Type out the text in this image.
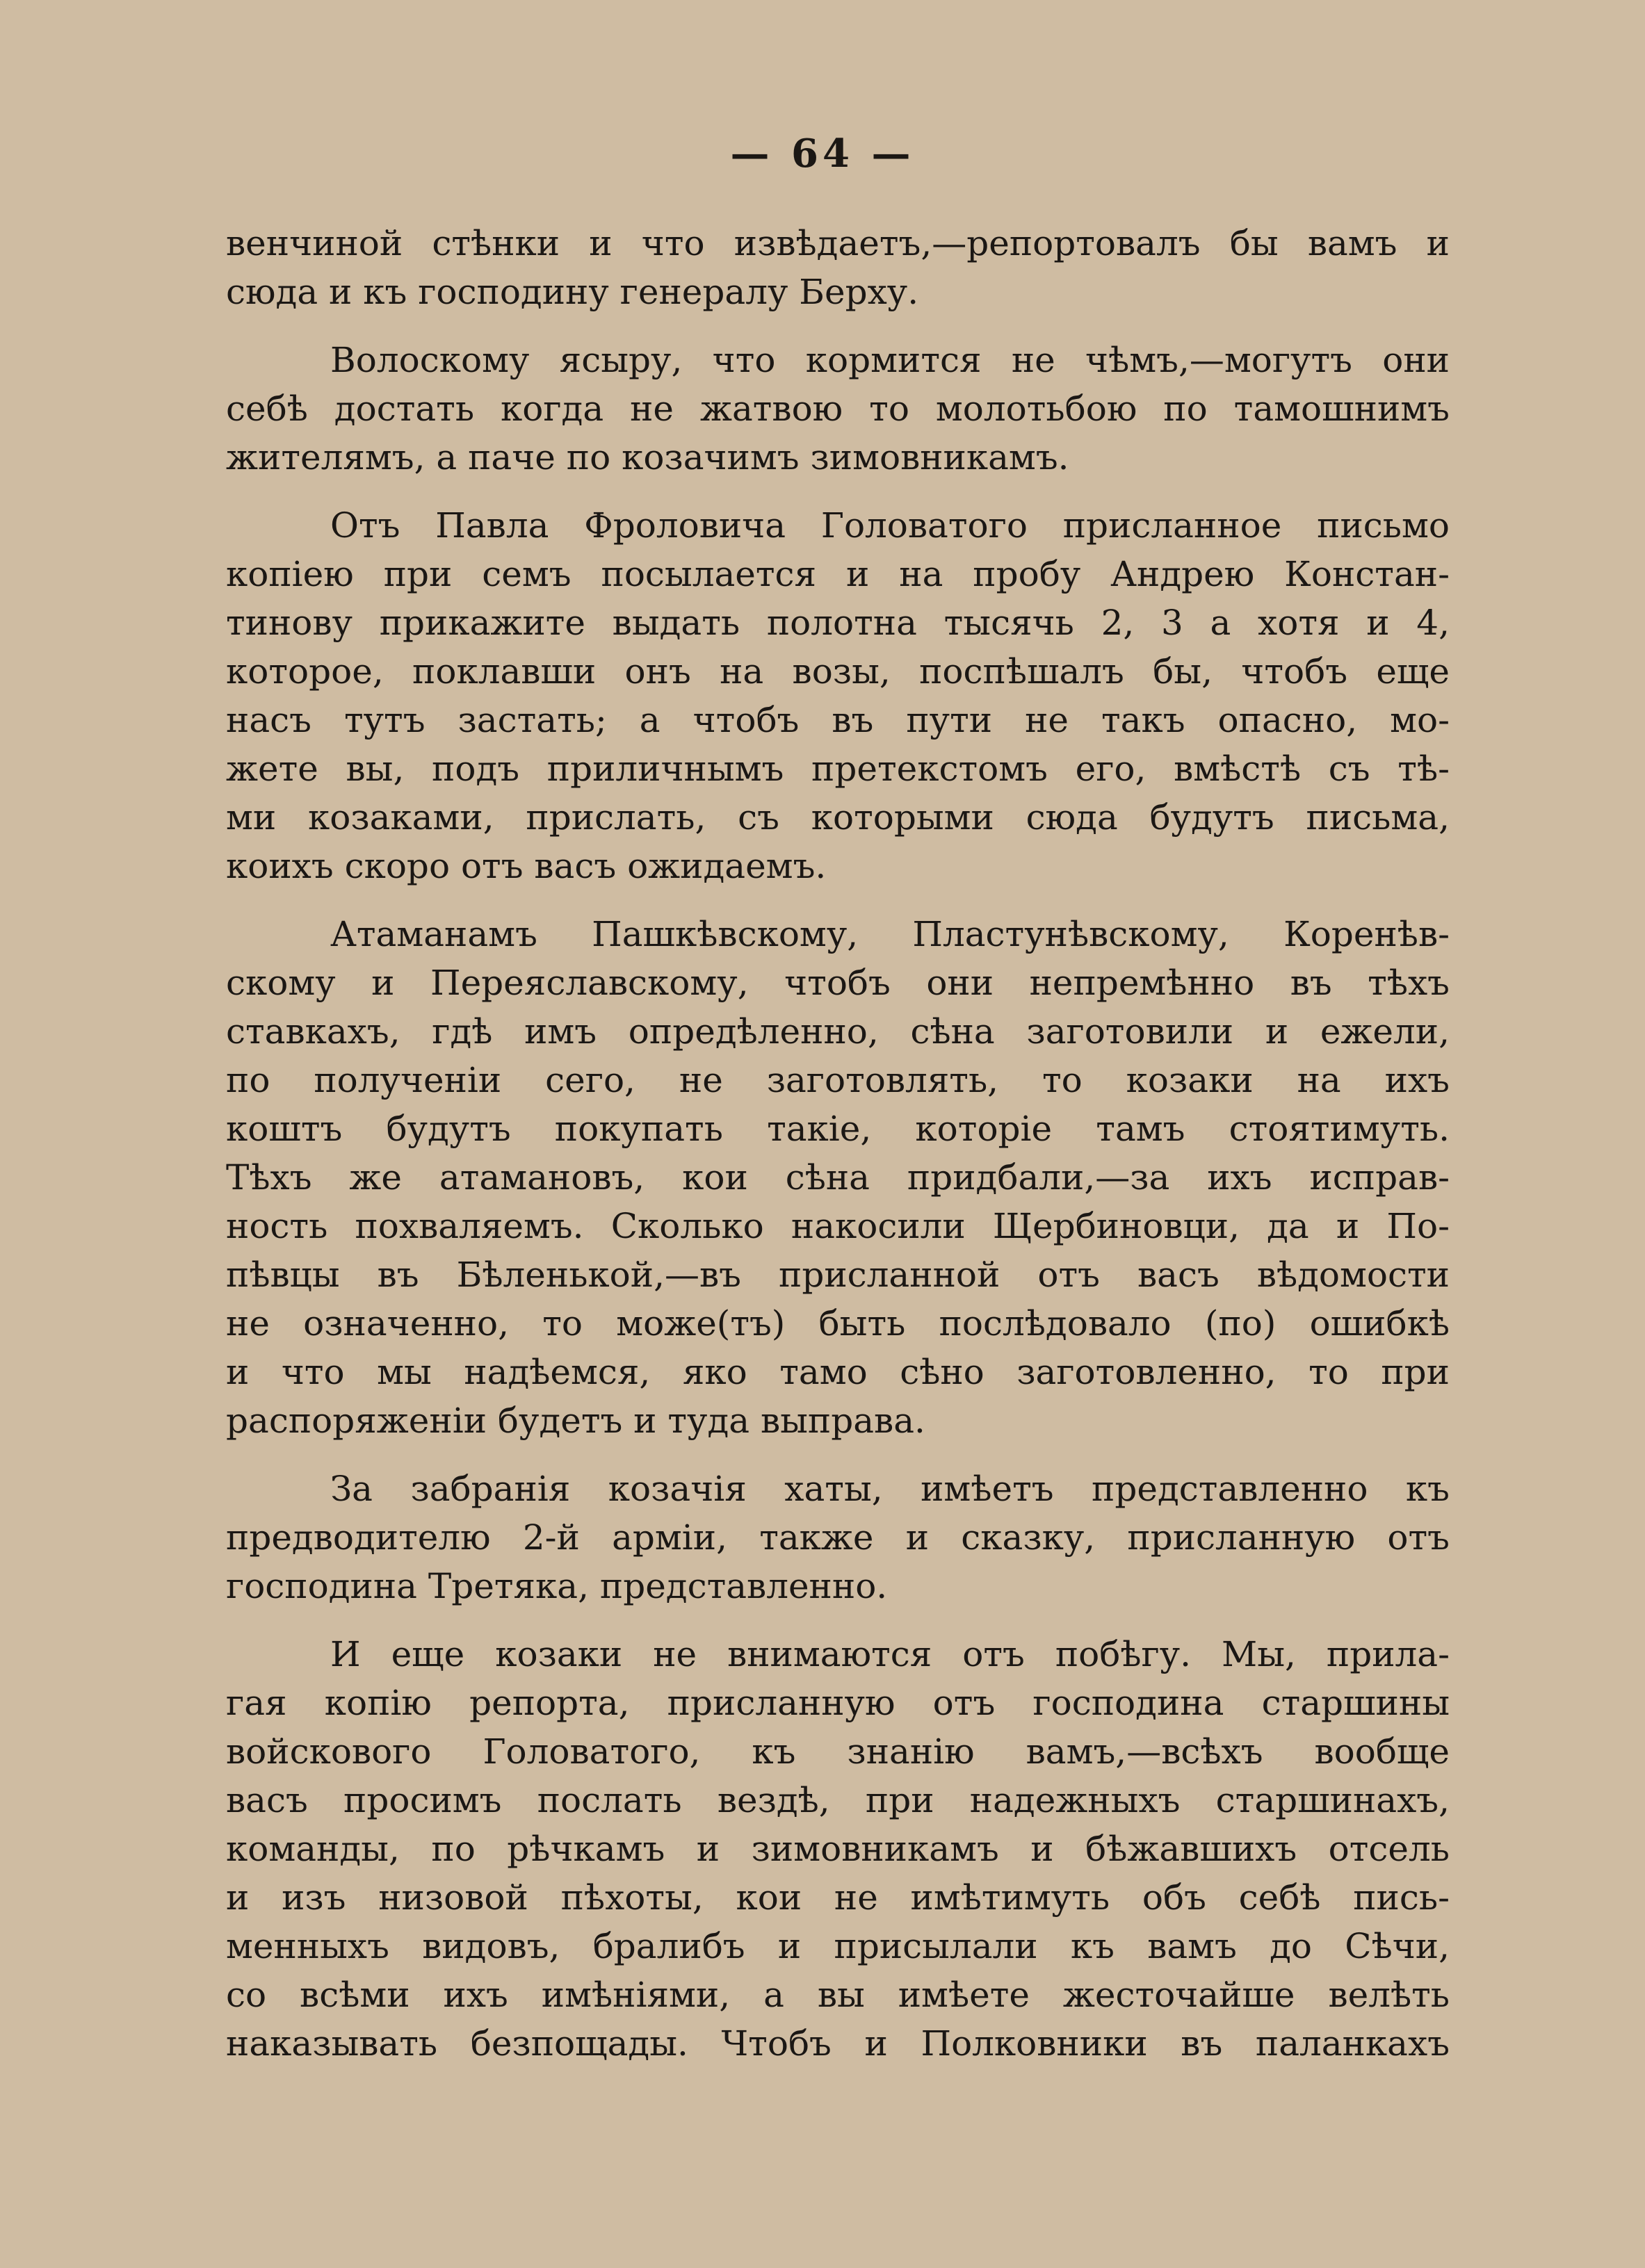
— 64 —
венчиной стѣнки и что извѣдаетъ,—репортовалъ бы вамъ и
сюда и къ господину генералу Берху.
Волоскому ясыру, что кормится не чѣмъ,—могутъ они
себѣ достать когда не жатвою то молотьбою по тамошнимъ
жителямъ, а паче по козачимъ зимовникамъ.
Отъ Павла Фроловича Головатого присланное письмо
копіею при семъ посылается и на пробу Андрею Констан-
тинову прикажите выдать полотна тысячь 2, 3 а хотя и 4,
которое, поклавши онъ на возы, поспѣшалъ бы, чтобъ еще
насъ тутъ застать; а чтобъ въ пути не такъ опасно, мо-
жете вы, подъ приличнымъ претекстомъ его, вмѣстѣ съ тѣ-
ми козаками, прислать, съ которыми сюда будутъ письма,
коихъ скоро отъ васъ ожидаемъ.
Атаманамъ Пашкѣвскому, Пластунѣвскому, Коренѣв-
скому и Переяславскому, чтобъ они непремѣнно въ тѣхъ
ставкахъ, гдѣ имъ опредѣленно, сѣна заготовили и ежели,
по полученіи сего, не заготовлять, то козаки на ихъ
коштъ будутъ покупать такіе, которіе тамъ стоятимуть.
Тѣхъ же атамановъ, кои сѣна придбали,—за ихъ исправ-
ность похваляемъ. Сколько накосили Щербиновци, да и По-
пѣвцы въ Бѣленькой,—въ присланной отъ васъ вѣдомости
не означенно, то може(тъ) быть послѣдовало (по) ошибкѣ
и что мы надѣемся, яко тамо сѣно заготовленно, то при
распоряженіи будетъ и туда выправа.
За забранія козачія хаты, имѣетъ представленно къ
предводителю 2-й арміи, также и сказку, присланную отъ
господина Третяка, представленно.
И еще козаки не внимаются отъ побѣгу. Мы, прила-
гая копію репорта, присланную отъ господина старшины
войскового Головатого, къ знанію вамъ,—всѣхъ вообще
васъ просимъ послать вездѣ, при надежныхъ старшинахъ,
команды, по рѣчкамъ и зимовникамъ и бѣжавшихъ отсель
и изъ низовой пѣхоты, кои не имѣтимуть объ себѣ пись-
менныхъ видовъ, бралибъ и присылали къ вамъ до Сѣчи,
со всѣми ихъ имѣніями, а вы имѣете жесточайше велѣть
наказывать безпощады. Чтобъ и Полковники въ паланкахъ
